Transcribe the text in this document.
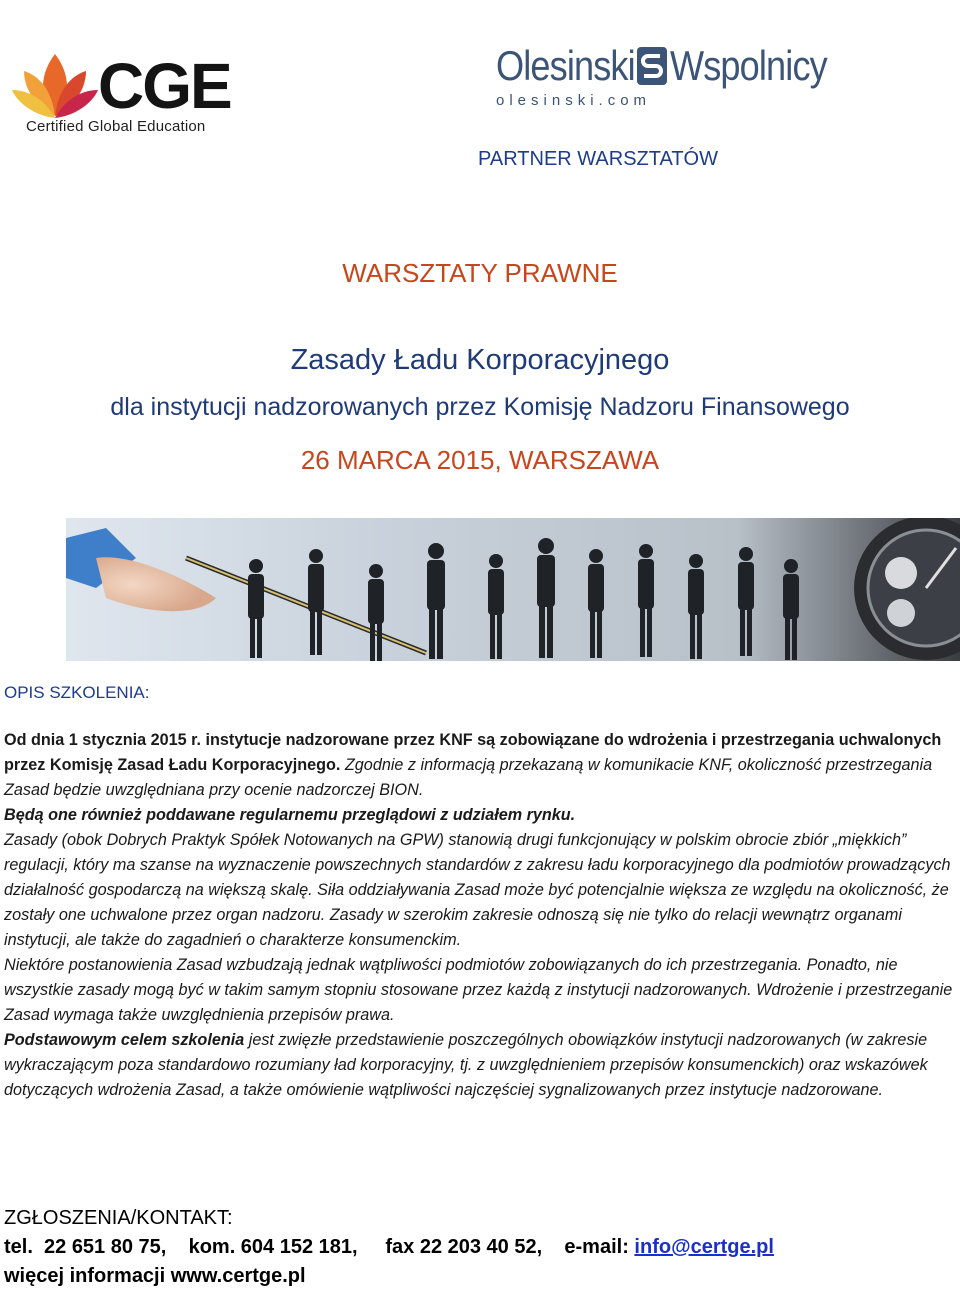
CGE
Certified Global Education
Olesinski Wspolnicy
olesinski.com
PARTNER WARSZTATÓW
WARSZTATY PRAWNE
Zasady Ładu Korporacyjnego
dla instytucji nadzorowanych przez Komisję Nadzoru Finansowego
26 MARCA 2015, WARSZAWA
OPIS SZKOLENIA:

Od dnia 1 stycznia 2015 r. instytucje nadzorowane przez KNF są zobowiązane do wdrożenia i przestrzegania uchwalonych przez Komisję Zasad Ładu Korporacyjnego. Zgodnie z informacją przekazaną w komunikacie KNF, okoliczność przestrzegania Zasad będzie uwzględniana przy ocenie nadzorczej BION.
Będą one również poddawane regularnemu przeglądowi z udziałem rynku.

Zasady (obok Dobrych Praktyk Spółek Notowanych na GPW) stanowią drugi funkcjonujący w polskim obrocie zbiór „miękkich” regulacji, który ma szanse na wyznaczenie powszechnych standardów z zakresu ładu korporacyjnego dla podmiotów prowadzących działalność gospodarczą na większą skalę. Siła oddziaływania Zasad może być potencjalnie większa ze względu na okoliczność, że zostały one uchwalone przez organ nadzoru. Zasady w szerokim zakresie odnoszą się nie tylko do relacji wewnątrz organami instytucji, ale także do zagadnień o charakterze konsumenckim.

Niektóre postanowienia Zasad wzbudzają jednak wątpliwości podmiotów zobowiązanych do ich przestrzegania. Ponadto, nie wszystkie zasady mogą być w takim samym stopniu stosowane przez każdą z instytucji nadzorowanych. Wdrożenie i przestrzeganie Zasad wymaga także uwzględnienia przepisów prawa.

Podstawowym celem szkolenia jest zwięzłe przedstawienie poszczególnych obowiązków instytucji nadzorowanych (w zakresie wykraczającym poza standardowo rozumiany ład korporacyjny, tj. z uwzględnieniem przepisów konsumenckich) oraz wskazówek dotyczących wdrożenia Zasad, a także omówienie wątpliwości najczęściej sygnalizowanych przez instytucje nadzorowane.

ZGŁOSZENIA/KONTAKT:
tel.  22 651 80 75,    kom. 604 152 181,     fax 22 203 40 52,    e-mail: info@certge.pl
więcej informacji www.certge.pl
